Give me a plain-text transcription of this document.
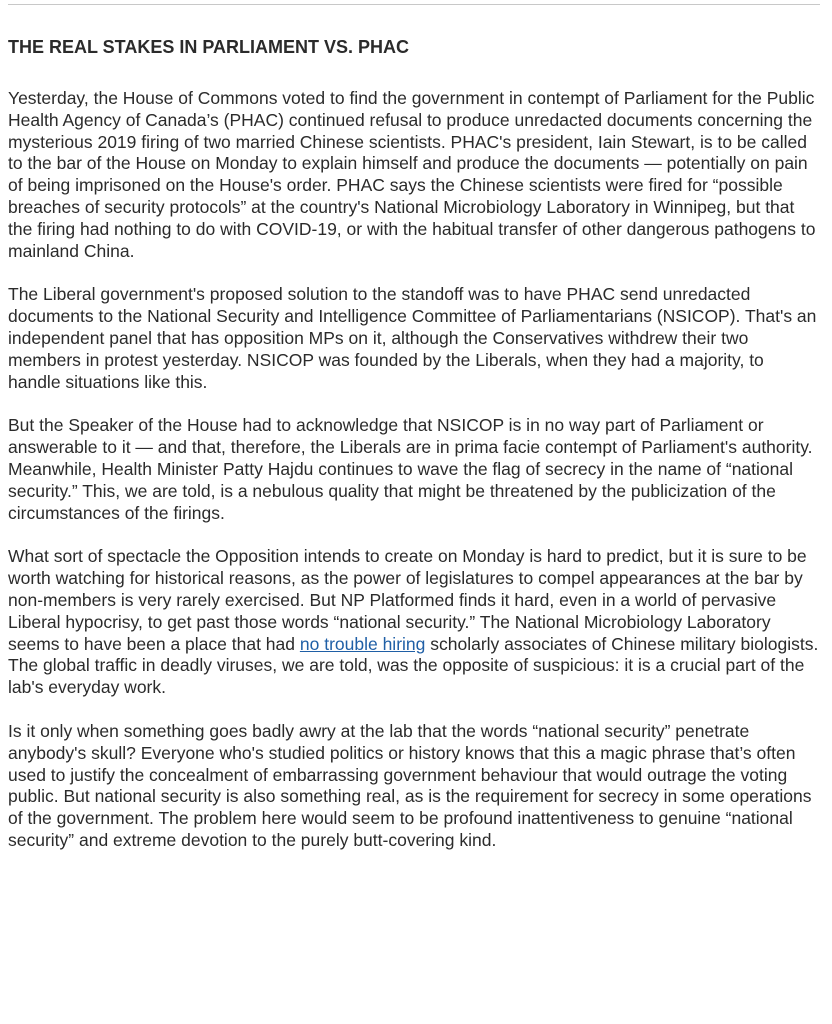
THE REAL STAKES IN PARLIAMENT VS. PHAC

Yesterday, the House of Commons voted to find the government in contempt of Parliament for the Public Health Agency of Canada’s (PHAC) continued refusal to produce unredacted documents concerning the mysterious 2019 firing of two married Chinese scientists. PHAC's president, Iain Stewart, is to be called to the bar of the House on Monday to explain himself and produce the documents — potentially on pain of being imprisoned on the House's order. PHAC says the Chinese scientists were fired for “possible breaches of security protocols” at the country's National Microbiology Laboratory in Winnipeg, but that the firing had nothing to do with COVID-19, or with the habitual transfer of other dangerous pathogens to mainland China.

The Liberal government's proposed solution to the standoff was to have PHAC send unredacted documents to the National Security and Intelligence Committee of Parliamentarians (NSICOP). That's an independent panel that has opposition MPs on it, although the Conservatives withdrew their two members in protest yesterday. NSICOP was founded by the Liberals, when they had a majority, to handle situations like this.

But the Speaker of the House had to acknowledge that NSICOP is in no way part of Parliament or answerable to it — and that, therefore, the Liberals are in prima facie contempt of Parliament's authority. Meanwhile, Health Minister Patty Hajdu continues to wave the flag of secrecy in the name of “national security.” This, we are told, is a nebulous quality that might be threatened by the publicization of the circumstances of the firings.

What sort of spectacle the Opposition intends to create on Monday is hard to predict, but it is sure to be worth watching for historical reasons, as the power of legislatures to compel appearances at the bar by non-members is very rarely exercised. But NP Platformed finds it hard, even in a world of pervasive Liberal hypocrisy, to get past those words “national security.” The National Microbiology Laboratory seems to have been a place that had no trouble hiring scholarly associates of Chinese military biologists. The global traffic in deadly viruses, we are told, was the opposite of suspicious: it is a crucial part of the lab's everyday work.

Is it only when something goes badly awry at the lab that the words “national security” penetrate anybody's skull? Everyone who's studied politics or history knows that this a magic phrase that’s often used to justify the concealment of embarrassing government behaviour that would outrage the voting public. But national security is also something real, as is the requirement for secrecy in some operations of the government. The problem here would seem to be profound inattentiveness to genuine “national security” and extreme devotion to the purely butt-covering kind.
